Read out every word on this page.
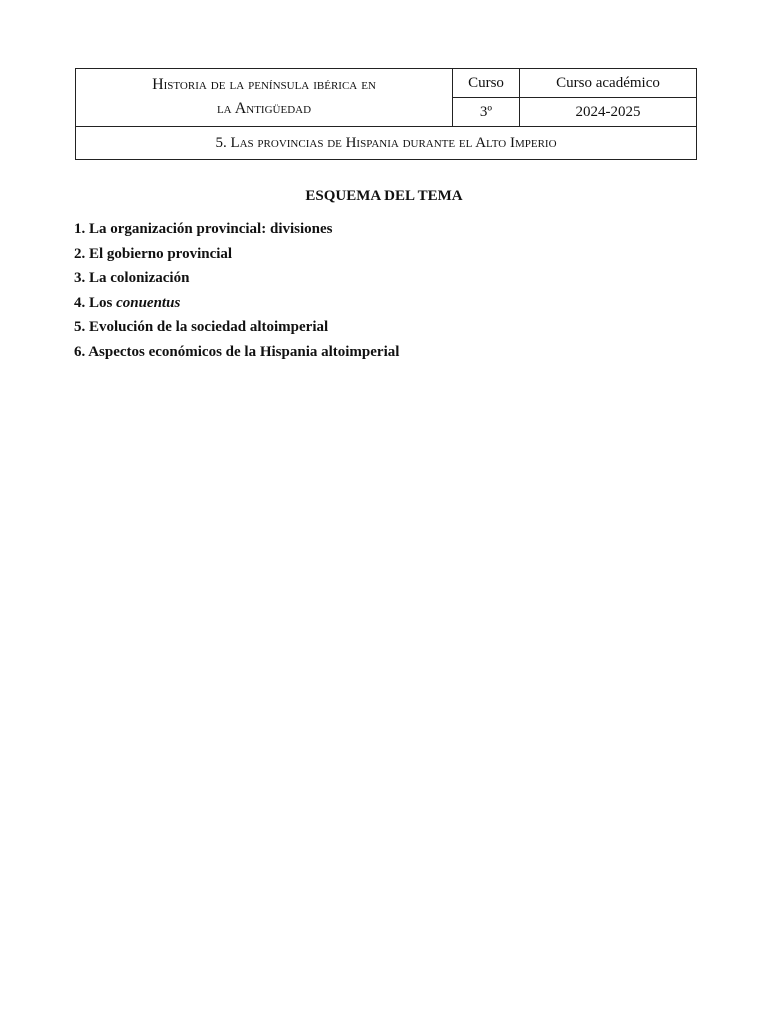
Historia de la península ibérica en
la Antigüedad	Curso	Curso académico
	3º	2024-2025
5. Las provincias de Hispania durante el Alto Imperio		
ESQUEMA DEL TEMA
1. La organización provincial: divisiones
2. El gobierno provincial
3. La colonización
4. Los conuentus
5. Evolución de la sociedad altoimperial
6. Aspectos económicos de la Hispania altoimperial
